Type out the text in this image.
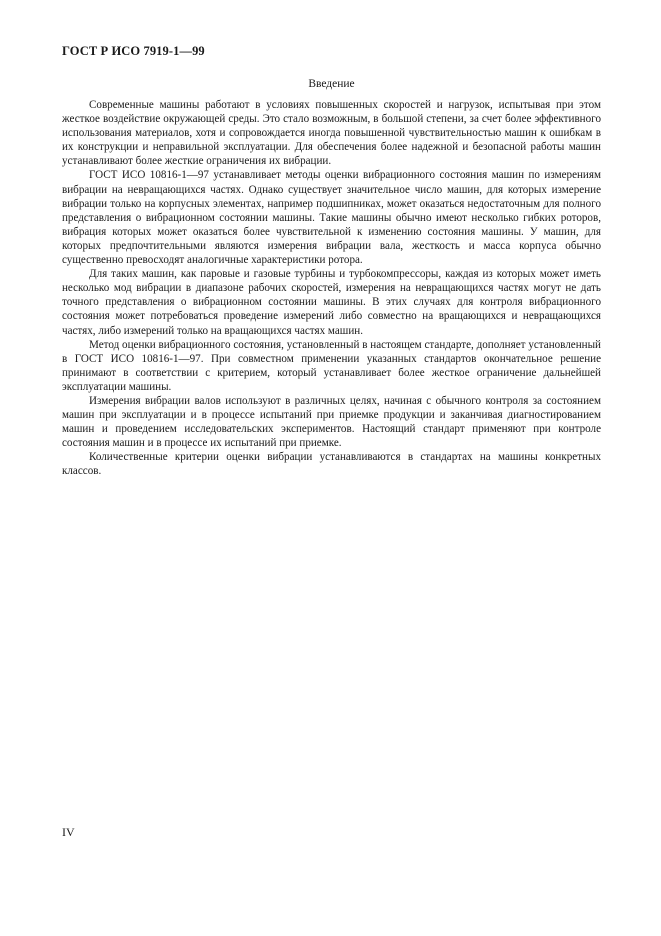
ГОСТ Р ИСО 7919-1—99
Введение

Современные машины работают в условиях повышенных скоростей и нагрузок, испытывая при этом жесткое воздействие окружающей среды. Это стало возможным, в большой степени, за счет более эффективного использования материалов, хотя и сопровождается иногда повышенной чувствительностью машин к ошибкам в их конструкции и неправильной эксплуатации. Для обеспечения более надежной и безопасной работы машин устанавливают более жесткие ограничения их вибрации.

ГОСТ ИСО 10816-1—97 устанавливает методы оценки вибрационного состояния машин по измерениям вибрации на невращающихся частях. Однако существует значительное число машин, для которых измерение вибрации только на корпусных элементах, например подшипниках, может оказаться недостаточным для полного представления о вибрационном состоянии машины. Такие машины обычно имеют несколько гибких роторов, вибрация которых может оказаться более чувствительной к изменению состояния машины. У машин, для которых предпочтительными являются измерения вибрации вала, жесткость и масса корпуса обычно существенно превосходят аналогичные характеристики ротора.

Для таких машин, как паровые и газовые турбины и турбокомпрессоры, каждая из которых может иметь несколько мод вибрации в диапазоне рабочих скоростей, измерения на невращающихся частях могут не дать точного представления о вибрационном состоянии машины. В этих случаях для контроля вибрационного состояния может потребоваться проведение измерений либо совместно на вращающихся и невращающихся частях, либо измерений только на вращающихся частях машин.

Метод оценки вибрационного состояния, установленный в настоящем стандарте, дополняет установленный в ГОСТ ИСО 10816-1—97. При совместном применении указанных стандартов окончательное решение принимают в соответствии с критерием, который устанавливает более жесткое ограничение дальнейшей эксплуатации машины.

Измерения вибрации валов используют в различных целях, начиная с обычного контроля за состоянием машин при эксплуатации и в процессе испытаний при приемке продукции и заканчивая диагностированием машин и проведением исследовательских экспериментов. Настоящий стандарт применяют при контроле состояния машин и в процессе их испытаний при приемке.

Количественные критерии оценки вибрации устанавливаются в стандартах на машины конкретных классов.

IV
